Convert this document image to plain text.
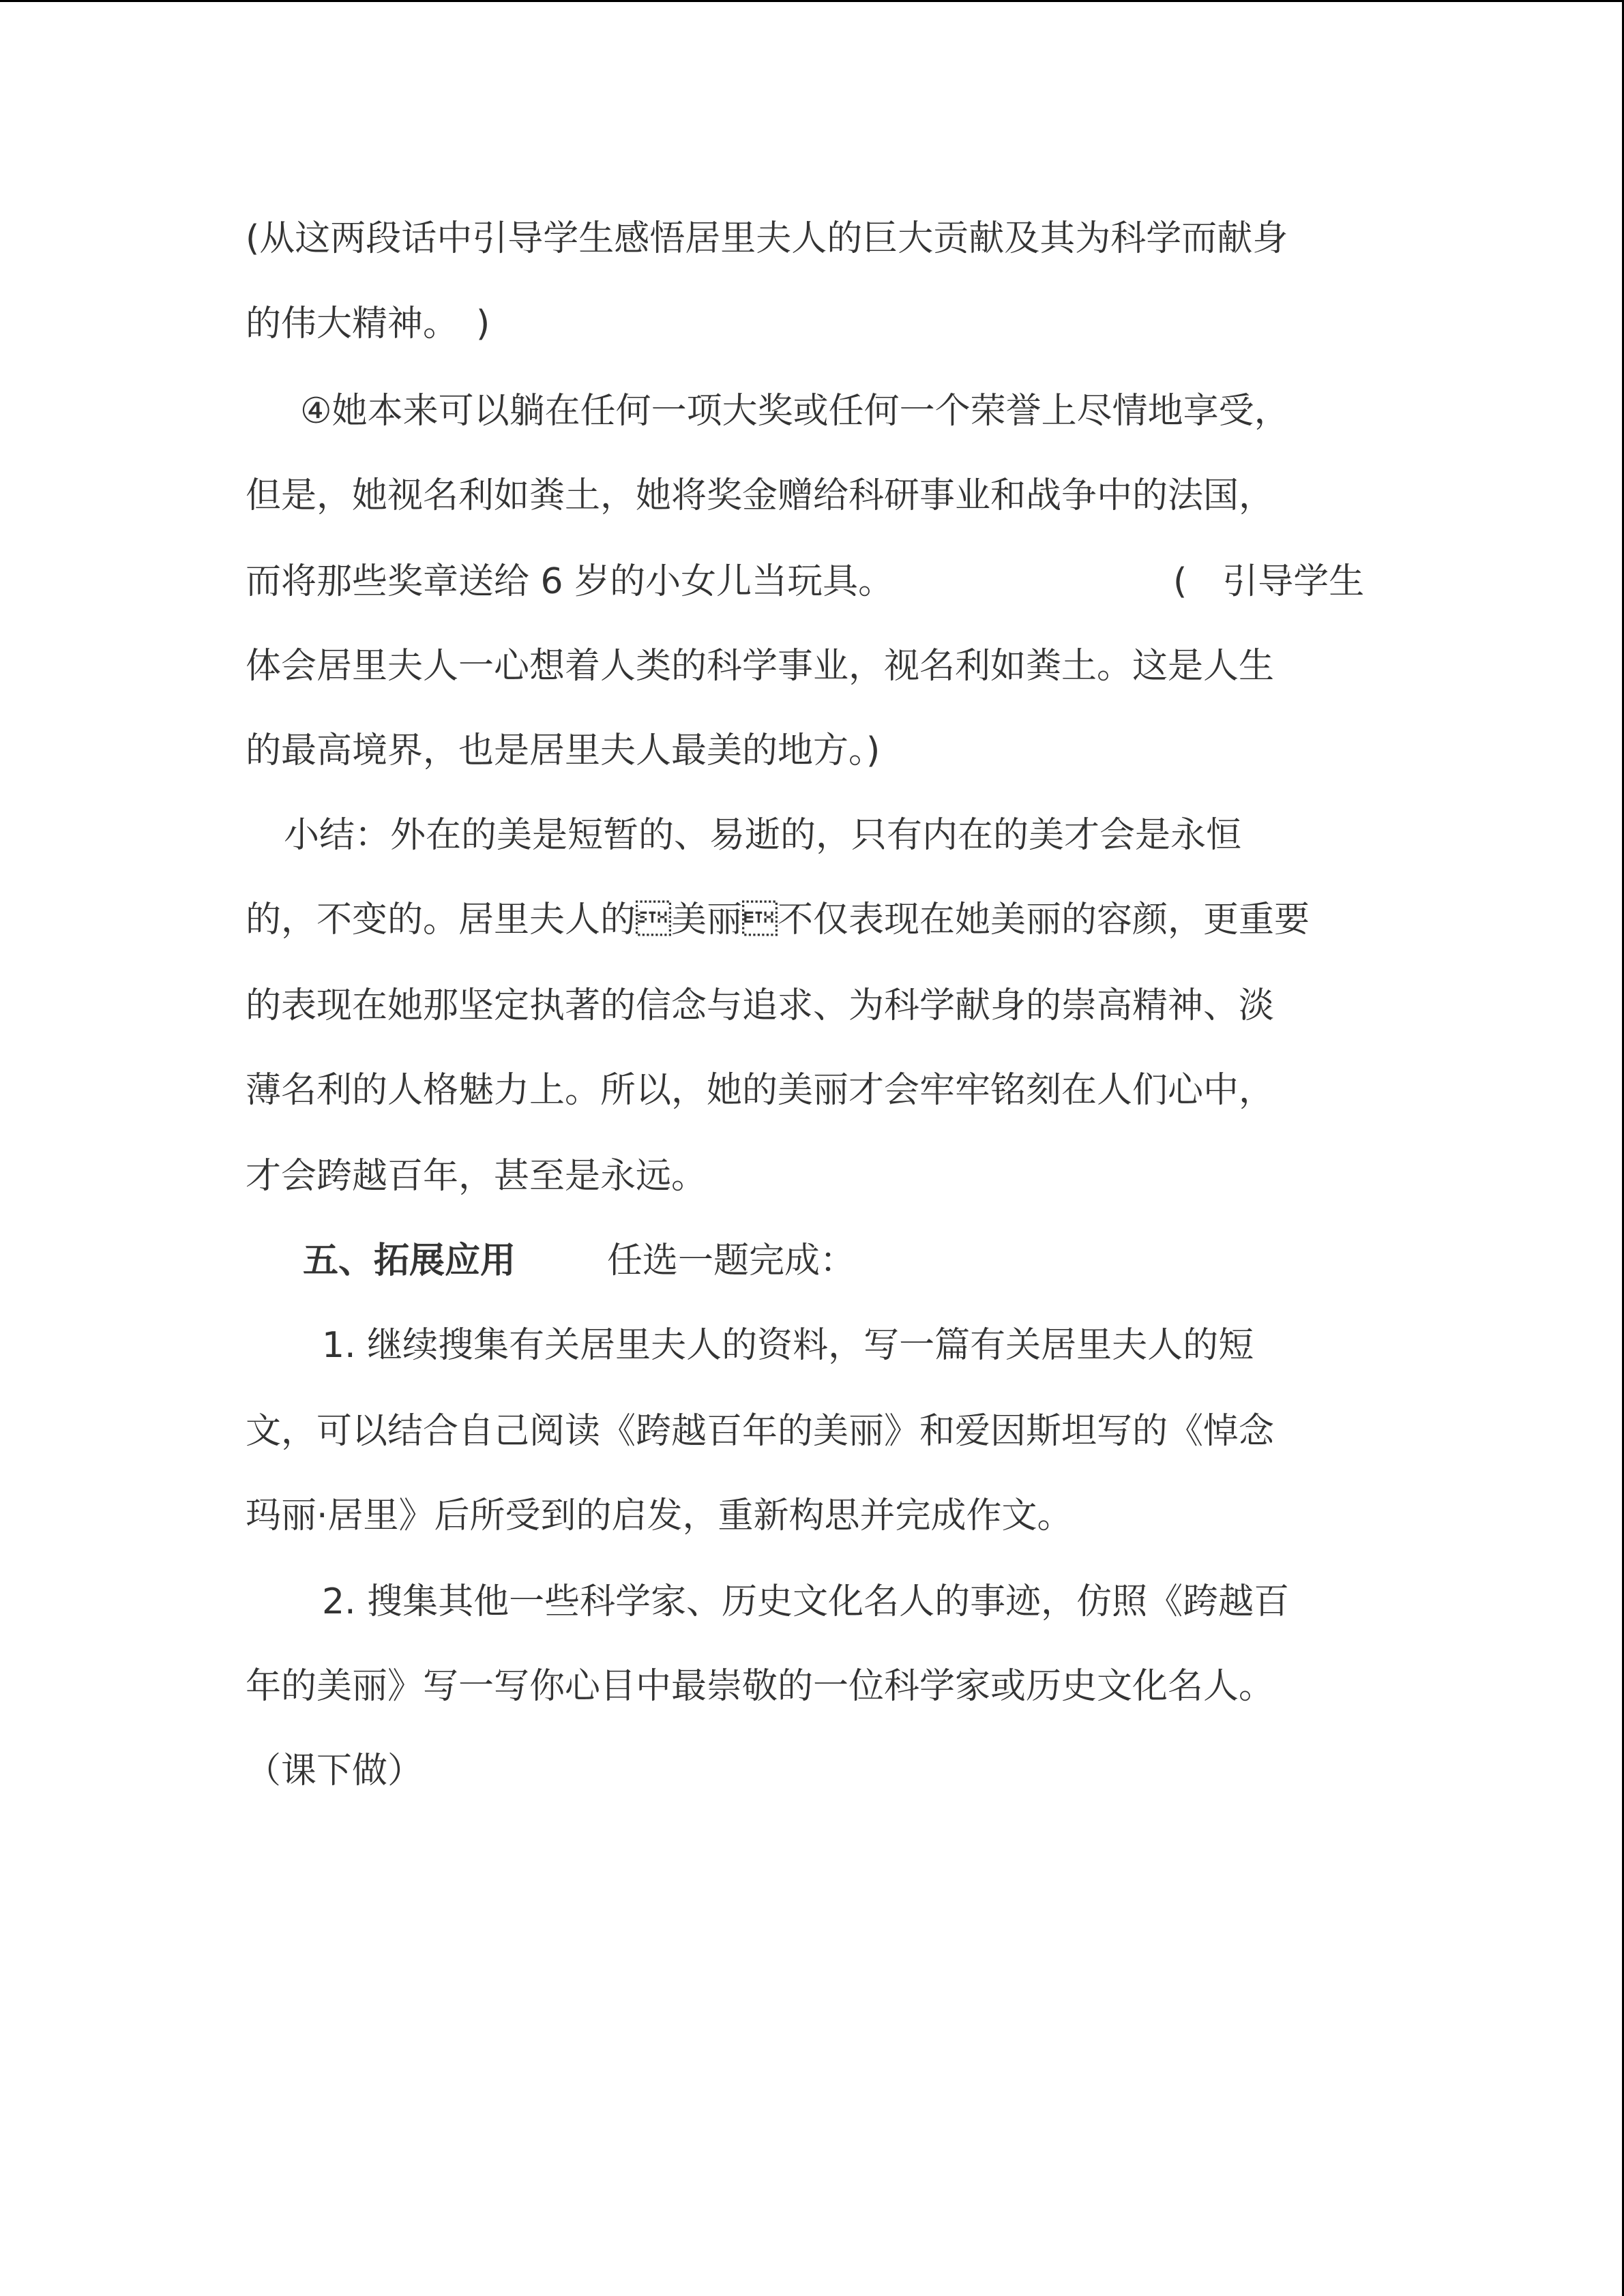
(从这两段话中引导学生感悟居里夫人的巨大贡献及其为科学而献身
的伟大精神。　)
④她本来可以躺在任何一项大奖或任何一个荣誉上尽情地享受，
但是，她视名利如粪土，她将奖金赠给科研事业和战争中的法国，
而将那些奖章送给 6 岁的小女儿当玩具。	(　引导学生
体会居里夫人一心想着人类的科学事业，视名利如粪土。这是人生
的最高境界，也是居里夫人最美的地方。)
小结：外在的美是短暂的、易逝的，只有内在的美才会是永恒
的，不变的。居里夫人的美丽不仅表现在她美丽的容颜，更重要
的表现在她那坚定执著的信念与追求、为科学献身的崇高精神、淡
薄名利的人格魅力上。所以，她的美丽才会牢牢铭刻在人们心中，
才会跨越百年，甚至是永远。
五、拓展应用	任选一题完成：
1. 继续搜集有关居里夫人的资料，写一篇有关居里夫人的短
文，可以结合自己阅读《跨越百年的美丽》和爱因斯坦写的《悼念
玛丽·居里》后所受到的启发，重新构思并完成作文。
2. 搜集其他一些科学家、历史文化名人的事迹，仿照《跨越百
年的美丽》写一写你心目中最崇敬的一位科学家或历史文化名人。
（课下做）
